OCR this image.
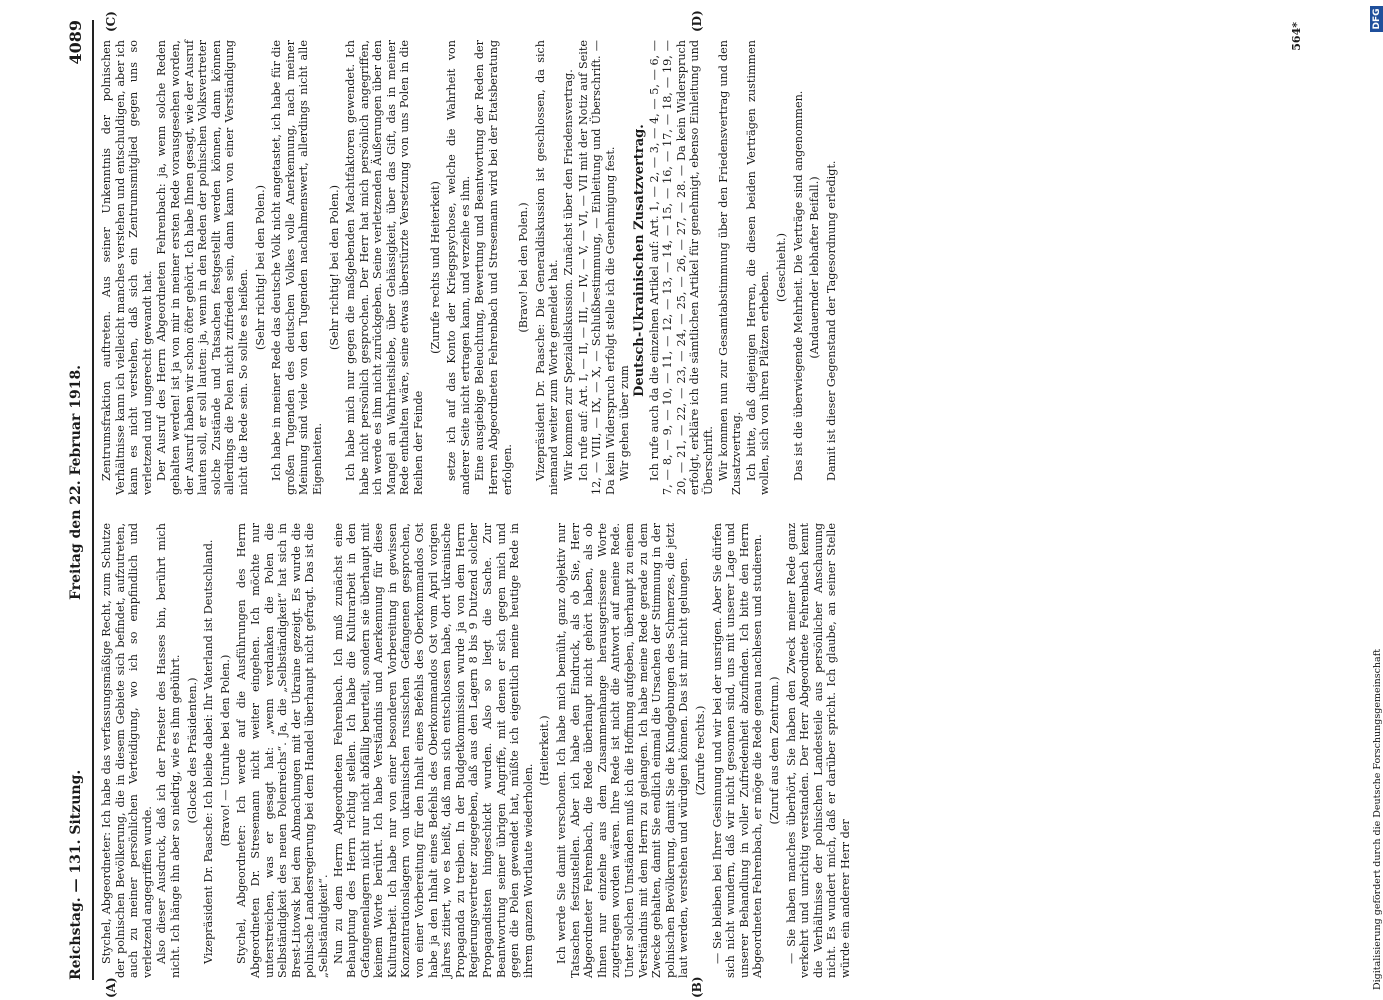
Reichstag. — 131. Sitzung.
Freitag den 22. Februar 1918.
4089
(A)	(B)
(C)	(D)

Stychel, Abgeordneter: Ich habe das verfassungsmäßige Recht, zum Schutze der polnischen Bevölkerung, die in diesem Gebiete sich befindet, aufzutreten, auch zu meiner persönlichen Verteidigung, wo ich so empfindlich und verletzend angegriffen wurde. Also dieser Ausdruck, daß ich der Priester des Hasses bin, berührt mich nicht. Ich hänge ihn aber so niedrig, wie es ihm gebührt. (Glocke des Präsidenten.) Vizepräsident Dr. Paasche: Ich bleibe dabei: Ihr Vaterland ist Deutschland. (Bravo! — Unruhe bei den Polen.) Stychel, Abgeordneter: Ich werde auf die Ausführungen des Herrn Abgeordneten Dr. Stresemann nicht weiter eingehen. Ich möchte nur unterstreichen, was er gesagt hat: „wenn verdanken die Polen die Selbständigkeit des neuen Polenreichs“. Ja, die „Selbständigkeit“ hat sich in Brest-Litowsk bei dem Abmachungen mit der Ukraine gezeigt. Es wurde die polnische Landesregierung bei dem Handel überhaupt nicht gefragt. Das ist die „Selbständigkeit“. Nun zu dem Herrn Abgeordneten Fehrenbach. Ich muß zunächst eine Behauptung des Herrn richtig stellen. Ich habe die Kulturarbeit in den Gefangenenlagern nicht nur nicht abfällig beurteilt, sondern sie überhaupt mit keinem Worte berührt. Ich habe Verständnis und Anerkennung für diese Kulturarbeit. Ich habe nur von einer besonderen Vorbereitung in gewissen Konzentrationslagern von ukrainischen russischen Gefangenen gesprochen, von einer Vorbereitung für den Inhalt eines Befehls des Oberkommandos Ost habe ja den Inhalt eines Befehls des Oberkommandos Ost vom April vorigen Jahres zitiert, wo es heißt, daß man sich entschlossen habe, dort ukrainische Propaganda zu treiben. In der Budgetkommission wurde ja von dem Herrn Regierungsvertreter zugegeben, daß aus den Lagern 8 bis 9 Dutzend solcher Propagandisten hingeschickt wurden. Also so liegt die Sache. Zur Beantwortung seiner übrigen Angriffe, mit denen er sich gegen mich und gegen die Polen gewendet hat, müßte ich eigentlich meine heutige Rede in ihrem ganzen Wortlaute wiederholen.

(Heiterkeit.) Ich werde Sie damit verschonen. Ich habe mich bemüht, ganz objektiv nur Tatsachen festzustellen. Aber ich habe den Eindruck, als ob Sie, Herr Abgeordneter Fehrenbach, die Rede überhaupt nicht gehört haben, als ob Ihnen nur einzelne aus dem Zusammenhange herausgerissene Worte zugetragen worden wären. Ihre Rede ist nicht die Antwort auf meine Rede. Unter solchen Umständen muß ich die Hoffnung aufgeben, überhaupt zu einem Verständnis mit dem Herrn zu gelangen. Ich habe meine Rede gerade zu dem Zwecke gehalten, damit Sie endlich einmal die Ursachen der Stimmung in der polnischen Bevölkerung, damit Sie die Kundgebungen des Schmerzes, die jetzt laut werden, verstehen und würdigen können. Das ist mir nicht gelungen. (Zurufe rechts.) — Sie bleiben bei Ihrer Gesinnung und wir bei der unsrigen. Aber Sie dürfen sich nicht wundern, daß wir nicht gesonnen sind, uns mit unserer Lage und unserer Behandlung in voller Zufriedenheit abzufinden. Ich bitte den Herrn Abgeordneten Fehrenbach, er möge die Rede genau nachlesen und studieren. (Zuruf aus dem Zentrum.) — Sie haben manches überhört, Sie haben den Zweck meiner Rede ganz verkehrt und unrichtig verstanden. Der Herr Abgeordnete Fehrenbach kennt die Verhältnisse der polnischen Landesteile aus persönlicher Anschauung nicht. Es wundert mich, daß er darüber spricht. Ich glaube, an seiner Stelle würde ein anderer Herr der

Zentrumsfraktion auftreten. Aus seiner Unkenntnis der polnischen Verhältnisse kann ich vielleicht manches verstehen und entschuldigen, aber ich kann es nicht verstehen, daß sich ein Zentrumsmitglied gegen uns so verletzend und ungerecht gewandt hat. Der Ausruf des Herrn Abgeordneten Fehrenbach: ja, wenn solche Reden gehalten werden! ist ja von mir in meiner ersten Rede vorausgesehen worden, der Ausruf haben wir schon öfter gehört. Ich habe Ihnen gesagt, wie der Ausruf lauten soll, er soll lauten: ja, wenn in den Reden der polnischen Volksvertreter solche Zustände und Tatsachen festgestellt werden können, dann können allerdings die Polen nicht zufrieden sein, dann kann von einer Verständigung nicht die Rede sein. So sollte es heißen.

(Sehr richtig! bei den Polen.) Ich habe in meiner Rede das deutsche Volk nicht angetastet, ich habe für die großen Tugenden des deutschen Volkes volle Anerkennung, nach meiner Meinung sind viele von den Tugenden nachahmenswert, allerdings nicht alle Eigenheiten.

(Sehr richtig! bei den Polen.) Ich habe mich nur gegen die maßgebenden Machtfaktoren gewendet. Ich habe nicht persönlich gesprochen. Der Herr hat mich persönlich angegriffen, ich werde es ihm nicht zurückgeben. Seine verletzenden Äußerungen über den Mangel an Wahrheitsliebe, über Gehässigkeit, über das Gift, das in meiner Rede enthalten wäre, seine etwas überstürzte Versetzung von uns Polen in die Reihen der Feinde

(Zurufe rechts und Heiterkeit) setze ich auf das Konto der Kriegspsychose, welche die Wahrheit von anderer Seite nicht ertragen kann, und verzeihe es ihm. Eine ausgiebige Beleuchtung, Bewertung und Beantwortung der Reden der Herren Abgeordneten Fehrenbach und Stresemann wird bei der Etatsberatung erfolgen.

(Bravo! bei den Polen.) Vizepräsident Dr. Paasche: Die Generaldiskussion ist geschlossen, da sich niemand weiter zum Worte gemeldet hat. Wir kommen zur Spezialdiskussion. Zunächst über den Friedensvertrag. Ich rufe auf: Art. I, — II, — III, — IV, — V, — VI, — VII mit der Notiz auf Seite 12, — VIII, — IX, — X, — Schlußbestimmung, — Einleitung und Überschrift. — Da kein Widerspruch erfolgt stelle ich die Genehmigung fest. Wir gehen über zum

Deutsch-Ukrainischen Zusatzvertrag. Ich rufe auch da die einzelnen Artikel auf: Art. 1, — 2, — 3, — 4, — 5, — 6, — 7, — 8, — 9, — 10, — 11, — 12, — 13, — 14, — 15, — 16, — 17, — 18, — 19, — 20, — 21, — 22, — 23, — 24, — 25, — 26, — 27, — 28. — Da kein Widerspruch erfolgt, erkläre ich die sämtlichen Artikel für genehmigt, ebenso Einleitung und Überschrift. Wir kommen nun zur Gesamtabstimmung über den Friedensvertrag und den Zusatzvertrag. Ich bitte, daß diejenigen Herren, die diesen beiden Verträgen zustimmen wollen, sich von ihren Plätzen erheben.

(Geschieht.) Das ist die überwiegende Mehrheit. Die Verträge sind angenommen. (Andauernder lebhafter Beifall.) Damit ist dieser Gegenstand der Tagesordnung erledigt.

564*
Digitalisierung gefördert durch die Deutsche Forschungsgemeinschaft
DFG
